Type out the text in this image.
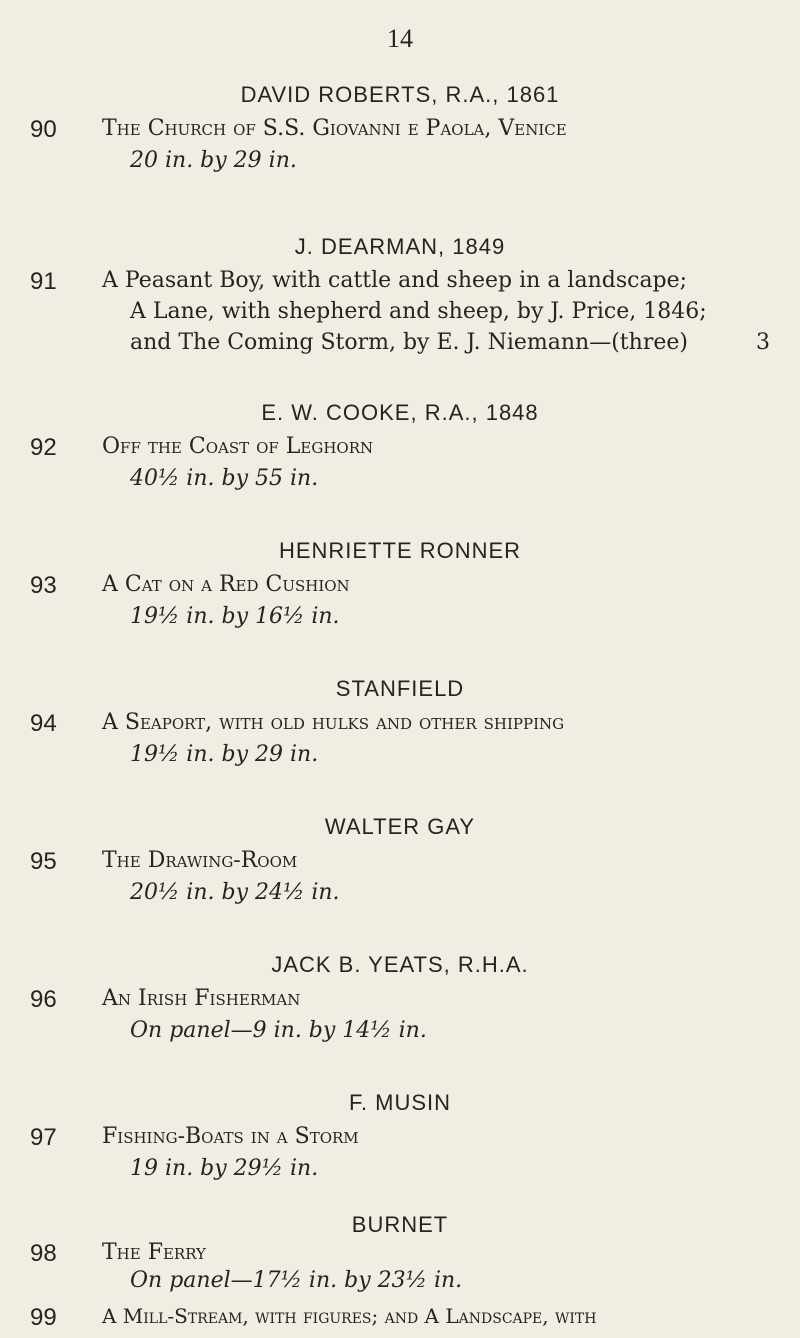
14
DAVID ROBERTS, R.A., 1861
90 The Church of S.S. Giovanni e Paola, Venice
20 in. by 29 in.
J. DEARMAN, 1849
91 A Peasant Boy, with cattle and sheep in a landscape;
A Lane, with shepherd and sheep, by J. Price, 1846;
and The Coming Storm, by E. J. Niemann—(three)	3
E. W. COOKE, R.A., 1848
92 Off the Coast of Leghorn
40½ in. by 55 in.
HENRIETTE RONNER
93 A Cat on a Red Cushion
19½ in. by 16½ in.
STANFIELD
94 A Seaport, with old hulks and other shipping
19½ in. by 29 in.
WALTER GAY
95 The Drawing-Room
20½ in. by 24½ in.
JACK B. YEATS, R.H.A.
96 An Irish Fisherman
On panel—9 in. by 14½ in.
F. MUSIN
97 Fishing-Boats in a Storm
19 in. by 29½ in.
BURNET
98 The Ferry
On panel—17½ in. by 23½ in.
99 A Mill-Stream, with figures; and A Landscape, with
